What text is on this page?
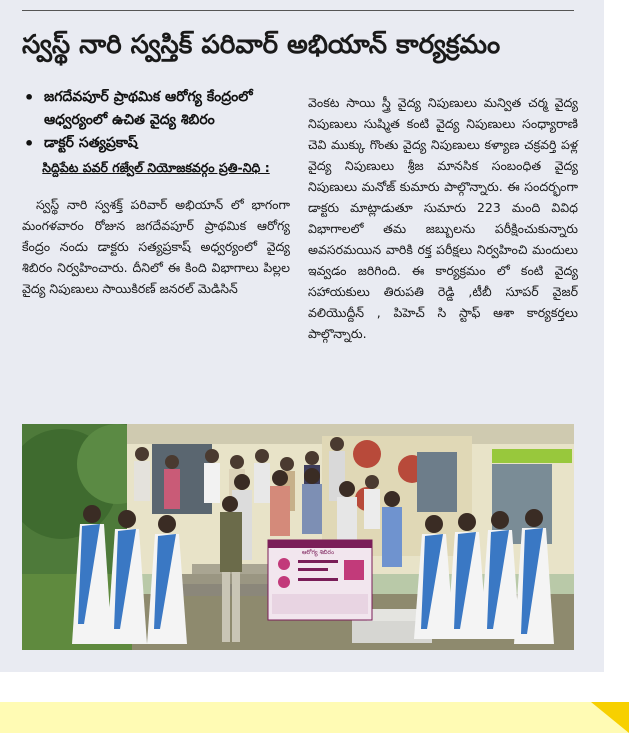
స్వస్థ్ నారి స్వస్తిక్ పరివార్ అభియాన్ కార్యక్రమం
• జగదేవపూర్ ప్రాథమిక ఆరోగ్య కేంద్రంలో ఆధ్వర్యంలో ఉచిత వైద్య శిబిరం
• డాక్టర్ సత్యప్రకాష్
సిద్దిపేట పవర్ గజ్వేల్ నియోజకవర్గం ప్రతి-నిధి :

స్వస్థ్ నారి స్వశక్త్ పరివార్ అభియాన్ లో భాగంగా మంగళవారం రోజున జగదేవపూర్ ప్రాథమిక ఆరోగ్య కేంద్రం నందు డాక్టరు సత్యప్రకాష్ అధ్వర్యంలో వైద్య శిబిరం నిర్వహించారు. దీనిలో ఈ కింది విభాగాలు పిల్లల వైద్య నిపుణులు సాయికిరణ్ జనరల్ మెడిసిన్

వెంకట సాయి స్త్రీ వైద్య నిపుణులు మన్విత చర్మ వైద్య నిపుణులు సుష్మిత కంటి వైద్య నిపుణులు సంధ్యారాణి చెవి ముక్కు గొంతు వైద్య నిపుణులు కళ్యాణ చక్రవర్తి పళ్ల వైద్య నిపుణులు శ్రీజ మానసిక సంబంధిత వైద్య నిపుణులు మనోజ్ కుమారు పాల్గొన్నారు. ఈ సందర్భంగా డాక్టరు మాట్లాడుతూ సుమారు 223 మంది వివిధ విభాగాలలో తమ జబ్బులను పరీక్షించుకున్నారు అవసరమయిన వారికి రక్త పరీక్షలు నిర్వహించి మందులు ఇవ్వడం జరిగింది. ఈ కార్యక్రమం లో కంటి వైద్య సహాయకులు తిరుపతి రెడ్డి ,టీబీ సూపర్ వైజర్ వలియొద్దీన్ , పిహెచ్ సి స్టాఫ్ ఆశా కార్యకర్తలు పాల్గొన్నారు.

ఆరోగ్య శిబిరం
